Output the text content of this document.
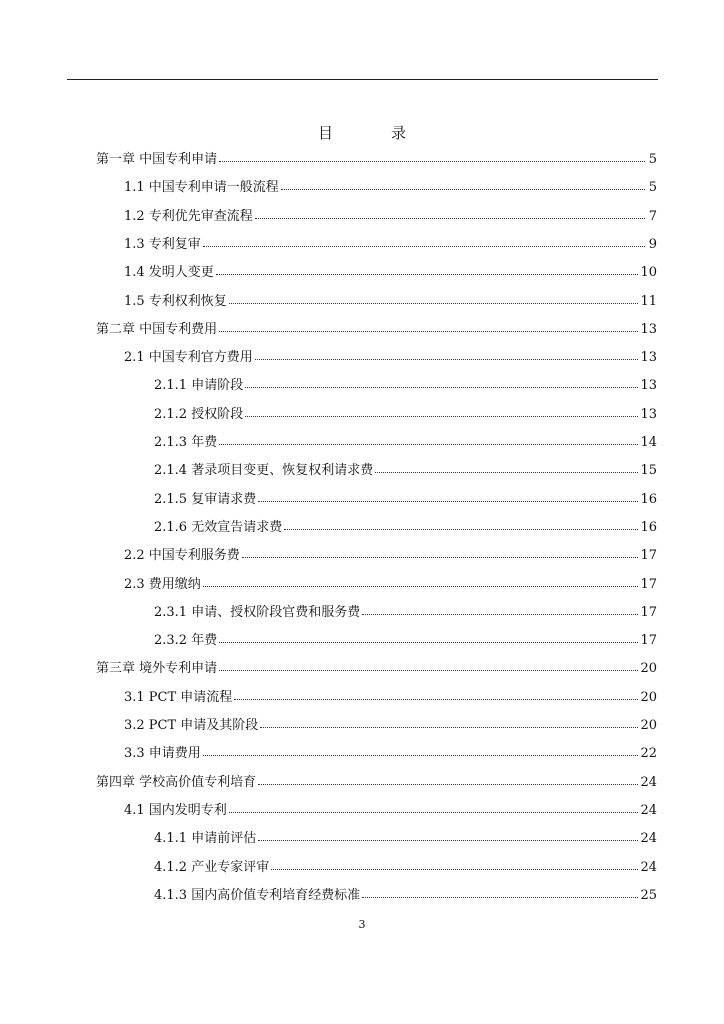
目	录
第一章 中国专利申请	5
1.1 中国专利申请一般流程	5
1.2 专利优先审查流程	7
1.3 专利复审	9
1.4 发明人变更	10
1.5 专利权利恢复	11
第二章 中国专利费用	13
2.1 中国专利官方费用	13
2.1.1 申请阶段	13
2.1.2 授权阶段	13
2.1.3 年费	14
2.1.4 著录项目变更、恢复权利请求费	15
2.1.5 复审请求费	16
2.1.6 无效宣告请求费	16
2.2 中国专利服务费	17
2.3 费用缴纳	17
2.3.1 申请、授权阶段官费和服务费	17
2.3.2 年费	17
第三章 境外专利申请	20
3.1 PCT 申请流程	20
3.2 PCT 申请及其阶段	20
3.3 申请费用	22
第四章 学校高价值专利培育	24
4.1 国内发明专利	24
4.1.1 申请前评估	24
4.1.2 产业专家评审	24
4.1.3 国内高价值专利培育经费标准	25
3
